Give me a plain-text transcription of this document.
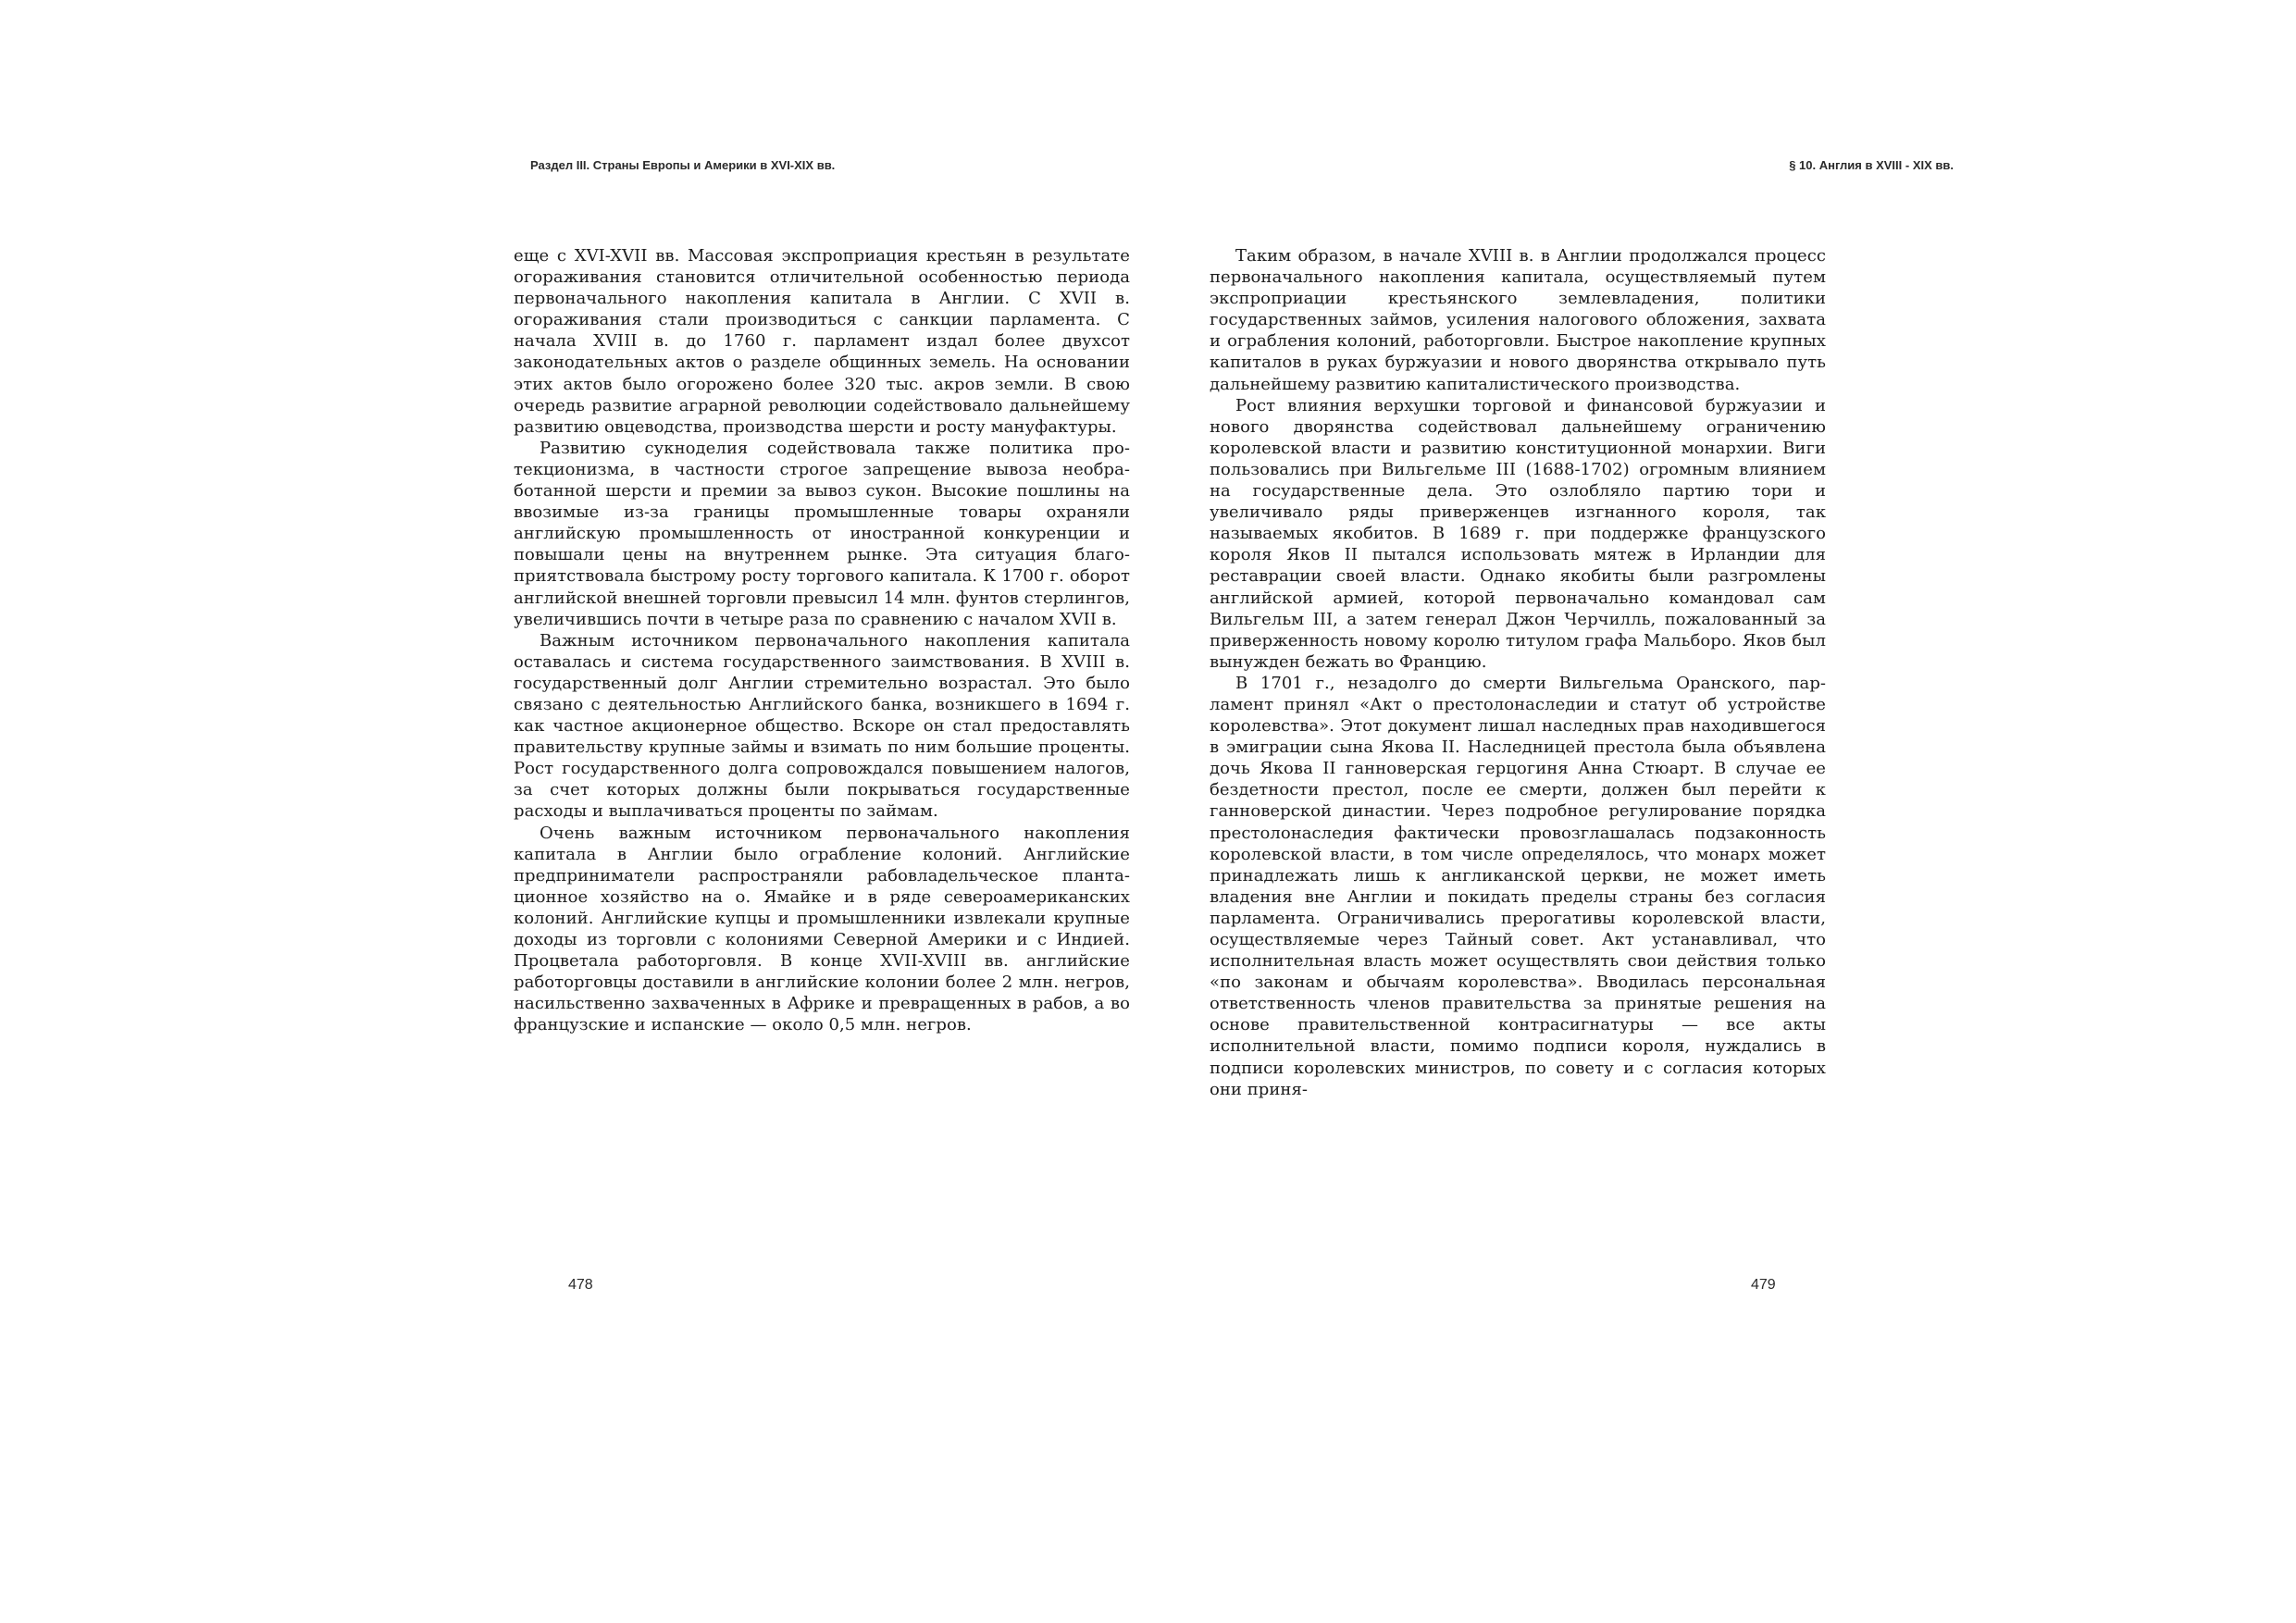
Раздел III. Страны Европы и Америки в XVI-XIX вв.

еще с XVI-XVII вв. Массовая экспроприация крестьян в результате огораживания становится отличительной особенностью периода первоначального накопления капитала в Англии. С XVII в. огораживания стали производиться с санкции парламента. С начала XVIII в. до 1760 г. парламент издал более двухсот законодательных актов о разделе общинных земель. На основании этих актов было огорожено более 320 тыс. акров земли. В свою очередь развитие аграрной революции содействовало дальнейшему развитию овцеводства, производства шерсти и росту мануфактуры.

Развитию сукноделия содействовала также политика протекционизма, в частности строгое запрещение вывоза необработанной шерсти и премии за вывоз сукон. Высокие пошлины на ввозимые из-за границы промышленные товары охраняли английскую промышленность от иностранной конкуренции и повышали цены на внутреннем рынке. Эта ситуация благоприятствовала быстрому росту торгового капитала. К 1700 г. оборот английской внешней торговли превысил 14 млн. фунтов стерлингов, увеличившись почти в четыре раза по сравнению с началом XVII в.

Важным источником первоначального накопления капитала оставалась и система государственного заимствования. В XVIII в. государственный долг Англии стремительно возрастал. Это было связано с деятельностью Английского банка, возникшего в 1694 г. как частное акционерное общество. Вскоре он стал предоставлять правительству крупные займы и взимать по ним большие проценты. Рост государственного долга сопровождался повышением налогов, за счет которых должны были покрываться государственные расходы и выплачиваться проценты по займам.

Очень важным источником первоначального накопления капитала в Англии было ограбление колоний. Английские предприниматели распространяли рабовладельческое плантационное хозяйство на о. Ямайке и в ряде североамериканских колоний. Английские купцы и промышленники извлекали крупные доходы из торговли с колониями Северной Америки и с Индией. Процветала работорговля. В конце XVII-XVIII вв. английские работорговцы доставили в английские колонии более 2 млн. негров, насильственно захваченных в Африке и превращенных в рабов, а во французские и испанские — около 0,5 млн. негров.

478
§ 10. Англия в XVIII - XIX вв.

Таким образом, в начале XVIII в. в Англии продолжался процесс первоначального накопления капитала, осуществляемый путем экспроприации крестьянского землевладения, политики государственных займов, усиления налогового обложения, захвата и ограбления колоний, работорговли. Быстрое накопление крупных капиталов в руках буржуазии и нового дворянства открывало путь дальнейшему развитию капиталистического производства.

Рост влияния верхушки торговой и финансовой буржуазии и нового дворянства содействовал дальнейшему ограничению королевской власти и развитию конституционной монархии. Виги пользовались при Вильгельме III (1688-1702) огромным влиянием на государственные дела. Это озлобляло партию тори и увеличивало ряды приверженцев изгнанного короля, так называемых якобитов. В 1689 г. при поддержке французского короля Яков II пытался использовать мятеж в Ирландии для реставрации своей власти. Однако якобиты были разгромлены английской армией, которой первоначально командовал сам Вильгельм III, а затем генерал Джон Черчилль, пожалованный за приверженность новому королю титулом графа Мальборо. Яков был вынужден бежать во Францию.

В 1701 г., незадолго до смерти Вильгельма Оранского, парламент принял «Акт о престолонаследии и статут об устройстве королевства». Этот документ лишал наследных прав находившегося в эмиграции сына Якова II. Наследницей престола была объявлена дочь Якова II ганноверская герцогиня Анна Стюарт. В случае ее бездетности престол, после ее смерти, должен был перейти к ганноверской династии. Через подробное регулирование порядка престолонаследия фактически провозглашалась подзаконность королевской власти, в том числе определялось, что монарх может принадлежать лишь к англиканской церкви, не может иметь владения вне Англии и покидать пределы страны без согласия парламента. Ограничивались прерогативы королевской власти, осуществляемые через Тайный совет. Акт устанавливал, что исполнительная власть может осуществлять свои действия только «по законам и обычаям королевства». Вводилась персональная ответственность членов правительства за принятые решения на основе правительственной контрасигнатуры — все акты исполнительной власти, помимо подписи короля, нуждались в подписи королевских министров, по совету и с согласия которых они приня-

479
